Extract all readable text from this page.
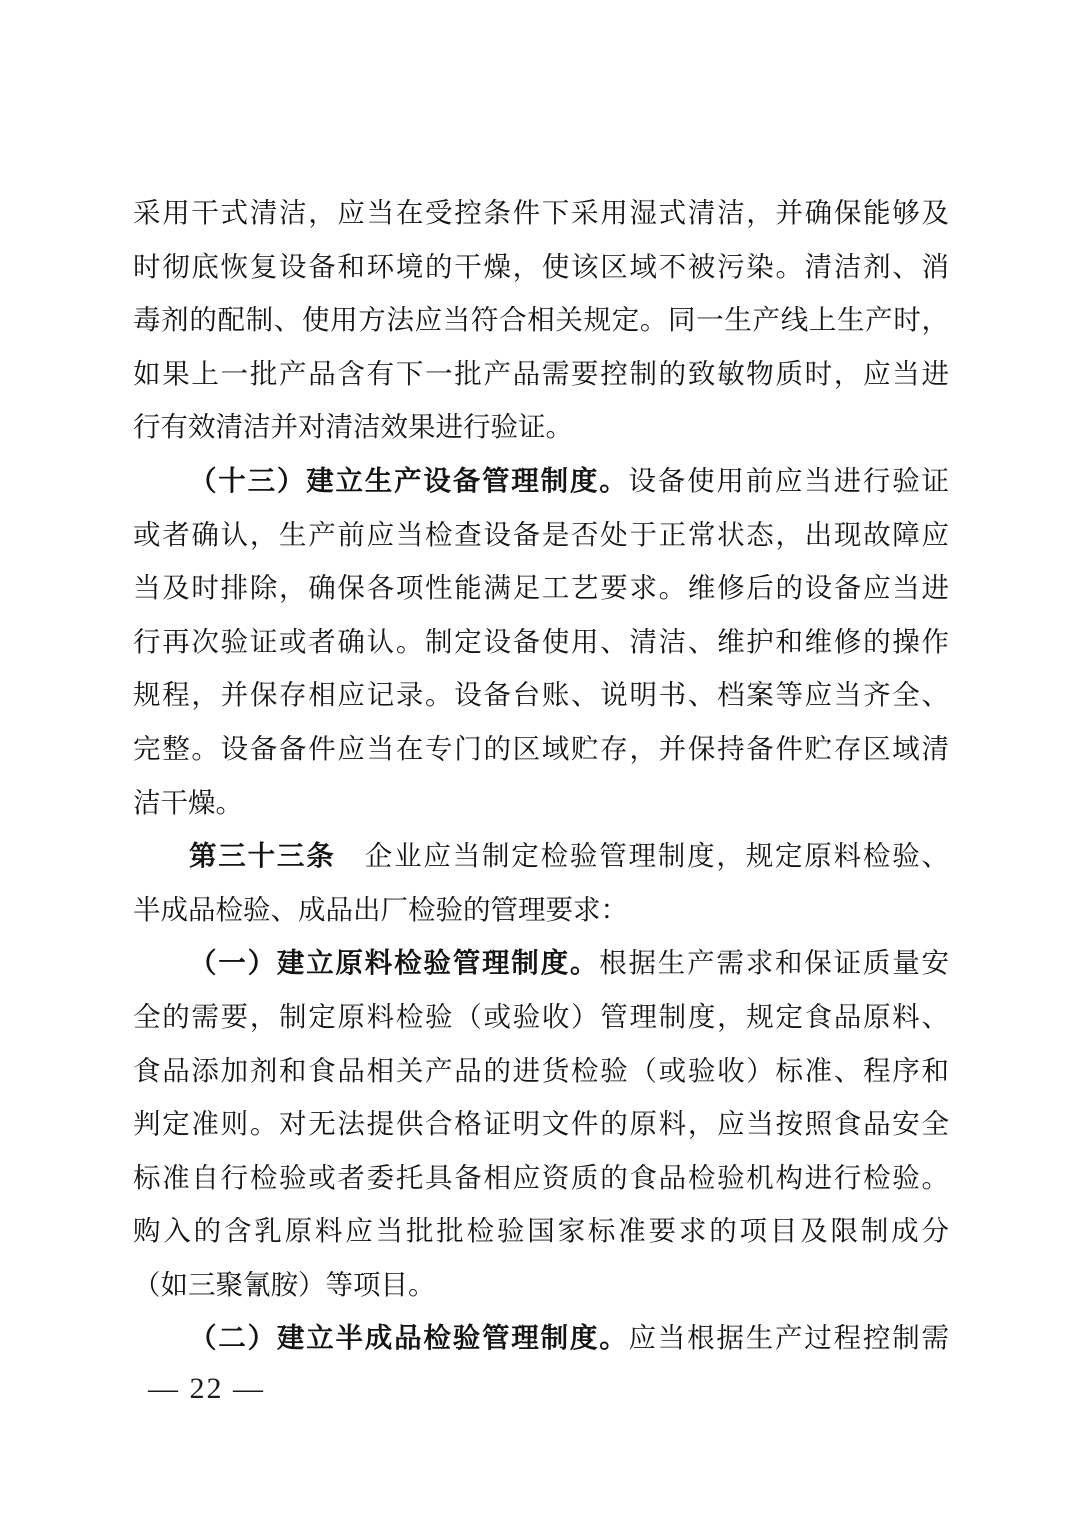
采用干式清洁，应当在受控条件下采用湿式清洁，并确保能够及
时彻底恢复设备和环境的干燥，使该区域不被污染。清洁剂、消
毒剂的配制、使用方法应当符合相关规定。同一生产线上生产时，
如果上一批产品含有下一批产品需要控制的致敏物质时，应当进
行有效清洁并对清洁效果进行验证。
（十三）建立生产设备管理制度。设备使用前应当进行验证
或者确认，生产前应当检查设备是否处于正常状态，出现故障应
当及时排除，确保各项性能满足工艺要求。维修后的设备应当进
行再次验证或者确认。制定设备使用、清洁、维护和维修的操作
规程，并保存相应记录。设备台账、说明书、档案等应当齐全、
完整。设备备件应当在专门的区域贮存，并保持备件贮存区域清
洁干燥。
第三十三条　企业应当制定检验管理制度，规定原料检验、
半成品检验、成品出厂检验的管理要求：
（一）建立原料检验管理制度。根据生产需求和保证质量安
全的需要，制定原料检验（或验收）管理制度，规定食品原料、
食品添加剂和食品相关产品的进货检验（或验收）标准、程序和
判定准则。对无法提供合格证明文件的原料，应当按照食品安全
标准自行检验或者委托具备相应资质的食品检验机构进行检验。
购入的含乳原料应当批批检验国家标准要求的项目及限制成分
（如三聚氰胺）等项目。
（二）建立半成品检验管理制度。应当根据生产过程控制需
— 22 —
